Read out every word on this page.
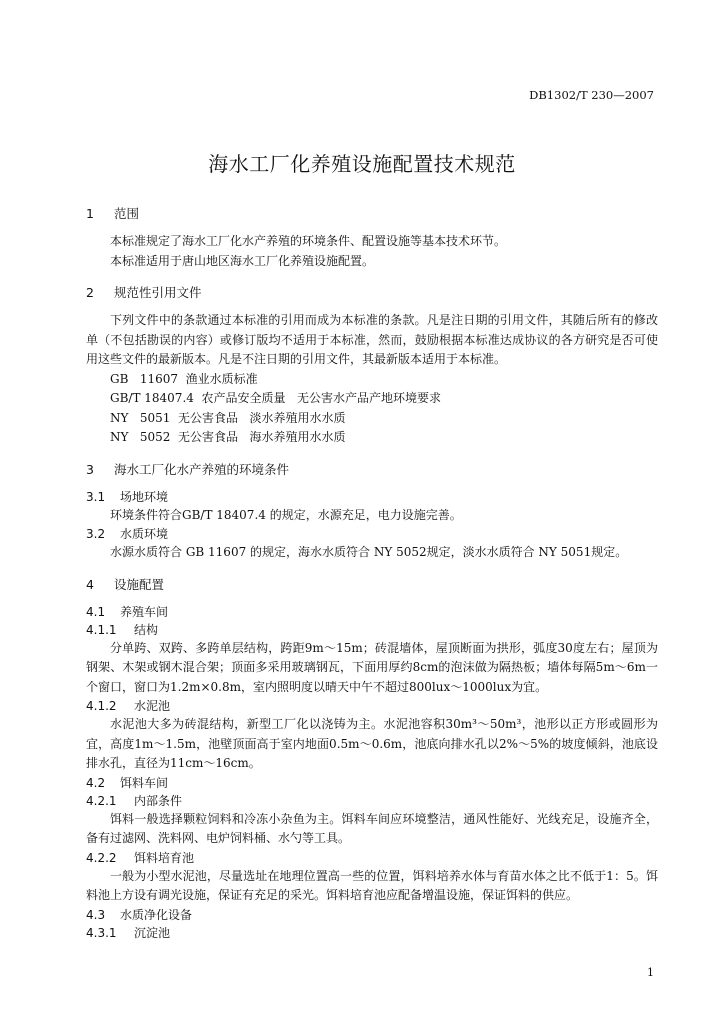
DB1302/T 230—2007
海水工厂化养殖设施配置技术规范
1 范围

本标准规定了海水工厂化水产养殖的环境条件、配置设施等基本技术环节。

本标准适用于唐山地区海水工厂化养殖设施配置。

2 规范性引用文件

下列文件中的条款通过本标准的引用而成为本标准的条款。凡是注日期的引用文件，其随后所有的修改单（不包括勘误的内容）或修订版均不适用于本标准，然而，鼓励根据本标准达成协议的各方研究是否可使用这些文件的最新版本。凡是不注日期的引用文件，其最新版本适用于本标准。

GB   11607  渔业水质标准

GB/T 18407.4  农产品安全质量   无公害水产品产地环境要求

NY   5051  无公害食品   淡水养殖用水水质

NY   5052  无公害食品   海水养殖用水水质

3 海水工厂化水产养殖的环境条件
3.1 场地环境

环境条件符合GB/T 18407.4 的规定，水源充足，电力设施完善。

3.2 水质环境

水源水质符合 GB 11607 的规定，海水水质符合 NY 5052规定，淡水水质符合 NY 5051规定。

4 设施配置
4.1 养殖车间
4.1.1 结构

分单跨、双跨、多跨单层结构，跨距9m～15m；砖混墙体，屋顶断面为拱形，弧度30度左右；屋顶为钢架、木架或钢木混合架；顶面多采用玻璃钢瓦，下面用厚约8cm的泡沫做为隔热板；墙体每隔5m～6m一个窗口，窗口为1.2m×0.8m，室内照明度以晴天中午不超过800lux～1000lux为宜。

4.1.2 水泥池

水泥池大多为砖混结构，新型工厂化以浇铸为主。水泥池容积30m³～50m³，池形以正方形或圆形为宜，高度1m～1.5m，池壁顶面高于室内地面0.5m～0.6m，池底向排水孔以2%～5%的坡度倾斜，池底设排水孔，直径为11cm～16cm。

4.2 饵料车间
4.2.1 内部条件

饵料一般选择颗粒饲料和冷冻小杂鱼为主。饵料车间应环境整洁，通风性能好、光线充足，设施齐全，备有过滤网、洗料网、电炉饲料桶、水勺等工具。

4.2.2 饵料培育池

一般为小型水泥池，尽量选址在地理位置高一些的位置，饵料培养水体与育苗水体之比不低于1：5。饵料池上方设有调光设施，保证有充足的采光。饵料培育池应配备增温设施，保证饵料的供应。

4.3 水质净化设备
4.3.1 沉淀池
1
